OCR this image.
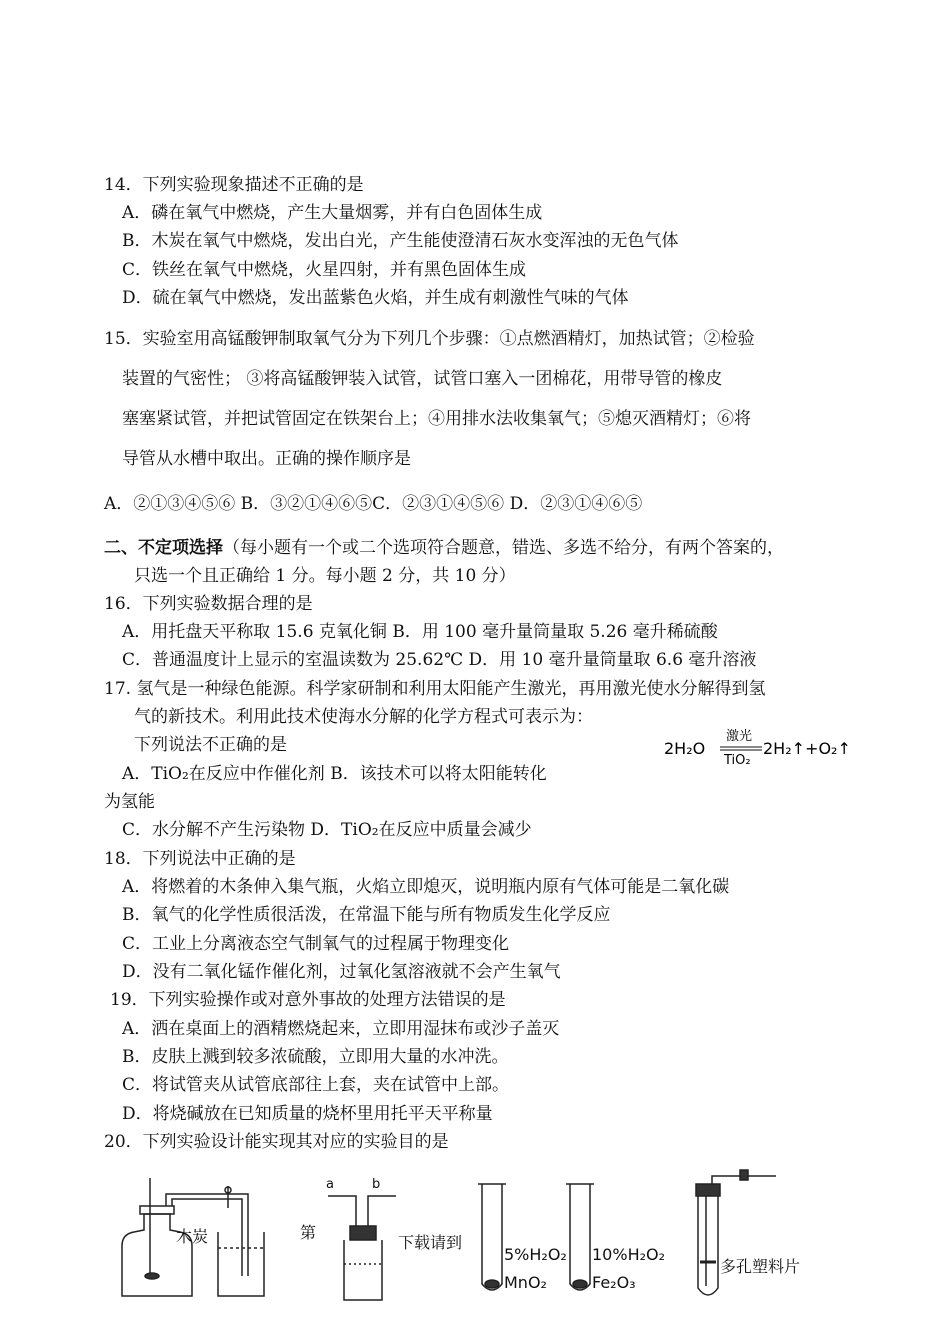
14．下列实验现象描述不正确的是
A．磷在氧气中燃烧，产生大量烟雾，并有白色固体生成
B．木炭在氧气中燃烧，发出白光，产生能使澄清石灰水变浑浊的无色气体
C．铁丝在氧气中燃烧，火星四射，并有黑色固体生成
D．硫在氧气中燃烧，发出蓝紫色火焰，并生成有刺激性气味的气体
15．实验室用高锰酸钾制取氧气分为下列几个步骤：①点燃酒精灯，加热试管；②检验
装置的气密性； ③将高锰酸钾装入试管，试管口塞入一团棉花，用带导管的橡皮
塞塞紧试管，并把试管固定在铁架台上；④用排水法收集氧气；⑤熄灭酒精灯；⑥将
导管从水槽中取出。正确的操作顺序是
A．②①③④⑤⑥ B．③②①④⑥⑤C．②③①④⑤⑥ D．②③①④⑥⑤
二、不定项选择（每小题有一个或二个选项符合题意，错选、多选不给分，有两个答案的，
只选一个且正确给 1 分。每小题 2 分，共 10 分）
16．下列实验数据合理的是
A．用托盘天平称取 15.6 克氧化铜 B．用 100 毫升量筒量取 5.26 毫升稀硫酸
C．普通温度计上显示的室温读数为 25.62℃ D．用 10 毫升量筒量取 6.6 毫升溶液
17. 氢气是一种绿色能源。科学家研制和利用太阳能产生激光，再用激光使水分解得到氢
气的新技术。利用此技术使海水分解的化学方程式可表示为：
下列说法不正确的是	2H₂O
激光
TiO₂
2H₂↑+O₂↑
A．TiO₂在反应中作催化剂 B．该技术可以将太阳能转化
为氢能
C．水分解不产生污染物 D．TiO₂在反应中质量会减少
18．下列说法中正确的是
A．将燃着的木条伸入集气瓶，火焰立即熄灭，说明瓶内原有气体可能是二氧化碳
B．氧气的化学性质很活泼，在常温下能与所有物质发生化学反应
C．工业上分离液态空气制氧气的过程属于物理变化
D．没有二氧化锰作催化剂，过氧化氢溶液就不会产生氧气
19．下列实验操作或对意外事故的处理方法错误的是
A．洒在桌面上的酒精燃烧起来，立即用湿抹布或沙子盖灭
B．皮肤上溅到较多浓硫酸，立即用大量的水冲洗。
C．将试管夹从试管底部往上套，夹在试管中上部。
D．将烧碱放在已知质量的烧杯里用托平天平称量
20．下列实验设计能实现其对应的实验目的是
木炭
a	b
第
下载请到
5%H₂O₂
MnO₂
10%H₂O₂
Fe₂O₃
多孔塑料片
